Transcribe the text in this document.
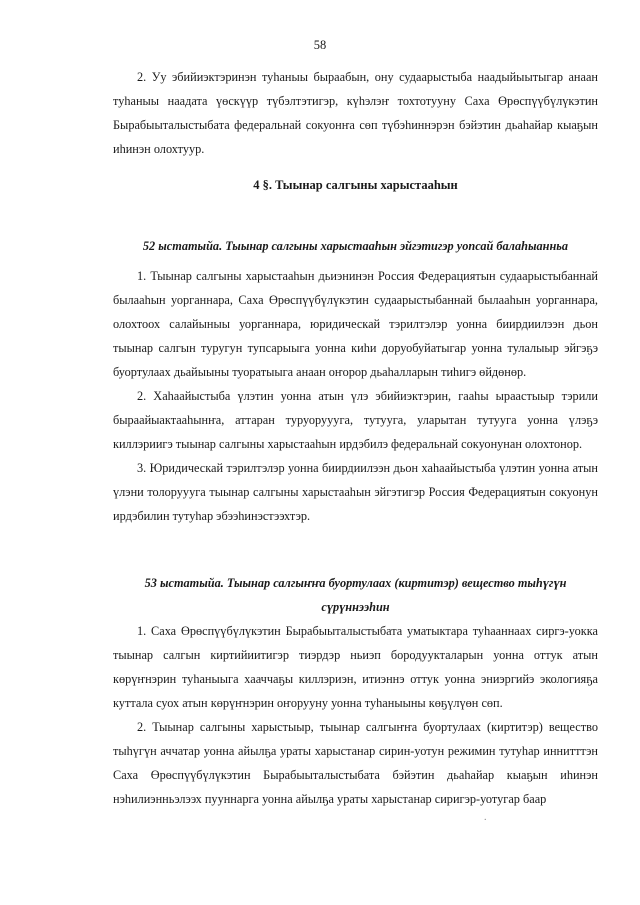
58

2. Уу эбийиэктэринэн туhаныы быраабын, ону судаарыстыба наадыйыытыгар анаан туhаныы наадата үөскүүр түбэлтэтигэр, күhэлэҥ тохтотууну Саха Өрөспүүбүлүкэтин Бырабыыталыстыбата федеральнай сокуонҥа сөп түбэhиннэрэн бэйэтин дьаhайар кыаҕын иhинэн олохтуур.

4 §. Тыынар салгыны харыстааhын
52 ыстатыйа. Тыынар салгыны харыстааhын эйгэтигэр уопсай балаhыанньа

1. Тыынар салгыны харыстааhын дьиэнинэн Россия Федерациятын судаарыстыбаннай былааhын уорганнара, Саха Өрөспүүбүлүкэтин судаарыстыбаннай былааhын уорганнара, олохтоох салайыныы уорганнара, юридическай тэрилтэлэр уонна биирдиилээн дьон тыынар салгын туругун тупсарыыга уонна киhи доруобуйатыгар уонна тулалыыр эйгэҕэ буортулаах дьайыыны туоратыыга анаан оҥорор дьаhалларын тиhигэ өйдөнөр.

2. Хаhаайыстыба үлэтин уонна атын үлэ эбийиэктэрин, гааhы ыраастыыр тэрили быраайыактааhынҥа, аттаран туруоруууга, тутууга, уларытан тутууга уонна үлэҕэ киллэриигэ тыынар салгыны харыстааhын ирдэбилэ федеральнай сокуонунан олохтонор.

3. Юридическай тэрилтэлэр уонна биирдиилээн дьон хаhаайыстыба үлэтин уонна атын үлэни толоруууга тыынар салгыны харыстааhын эйгэтигэр Россия Федерациятын сокуонун ирдэбилин тутуhар эбээhинэстээхтэр.

53 ыстатыйа. Тыынар салгыҥҥа буортулаах (киртитэр) вещество тыhүгүн
сүрүннээhин

1. Саха Өрөспүүбүлүкэтин Бырабыыталыстыбата уматыктара туhааннаах сиргэ-уокка тыынар салгын киртийиитигэр тиэрдэр ньиэп бородуукталарын уонна оттук атын көрүҥнэрин туhаныыга хааччаҕы киллэриэн, итиэннэ оттук уонна эниэргийэ экологияҕа куттала суох атын көрүҥнэрин оҥорууну уонна туhаныыны көҕүлүөн сөп.

2. Тыынар салгыны харыстыыр, тыынар салгыҥҥа буортулаах (киртитэр) вещество тыhүгүн аччатар уонна айылҕа ураты харыстанар сирин-уотун режимин тутуhар иннитттэн Саха Өрөспүүбүлүкэтин Бырабыыталыстыбата бэйэтин дьаhайар кыаҕын иhинэн нэhилиэнньэлээх пууннарга уонна айылҕа ураты харыстанар сиригэр-уотугар баар

.
